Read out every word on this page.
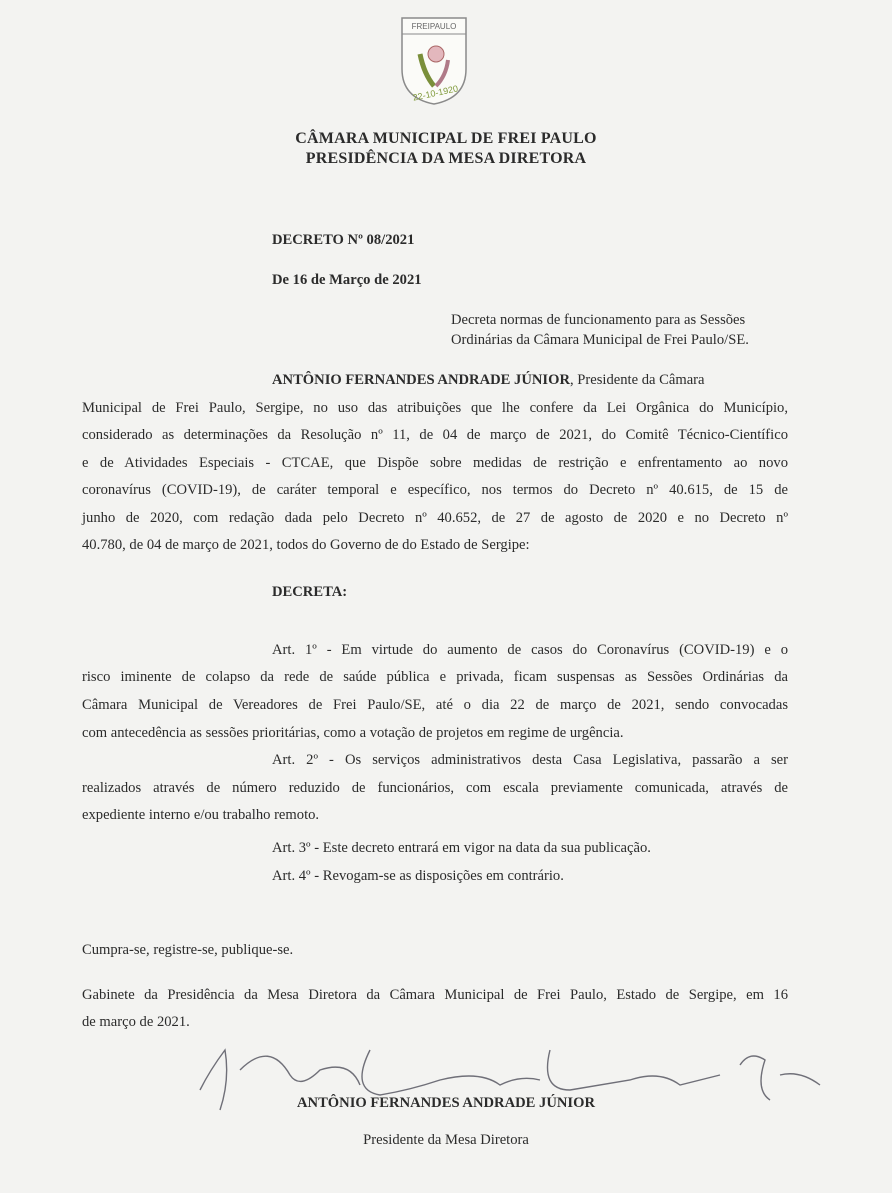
FREIPAULO
22-10-1920
CÂMARA MUNICIPAL DE FREI PAULO
PRESIDÊNCIA DA MESA DIRETORA
DECRETO Nº 08/2021
De 16 de Março de 2021
Decreta normas de funcionamento para as Sessões
Ordinárias da Câmara Municipal de Frei Paulo/SE.
ANTÔNIO FERNANDES ANDRADE JÚNIOR, Presidente da Câmara
Municipal de Frei Paulo, Sergipe, no uso das atribuições que lhe confere da Lei Orgânica do Município,
considerado as determinações da Resolução nº 11, de 04 de março de 2021, do Comitê Técnico-Científico
e de Atividades Especiais - CTCAE, que Dispõe sobre medidas de restrição e enfrentamento ao novo
coronavírus (COVID-19), de caráter temporal e específico, nos termos do Decreto nº 40.615, de 15 de
junho de 2020, com redação dada pelo Decreto nº 40.652, de 27 de agosto de 2020 e no Decreto nº
40.780, de 04 de março de 2021, todos do Governo de do Estado de Sergipe:
DECRETA:
Art. 1º - Em virtude do aumento de casos do Coronavírus (COVID-19) e o
risco iminente de colapso da rede de saúde pública e privada, ficam suspensas as Sessões Ordinárias da
Câmara Municipal de Vereadores de Frei Paulo/SE, até o dia 22 de março de 2021, sendo convocadas
com antecedência as sessões prioritárias, como a votação de projetos em regime de urgência.
Art. 2º - Os serviços administrativos desta Casa Legislativa, passarão a ser
realizados através de número reduzido de funcionários, com escala previamente comunicada, através de
expediente interno e/ou trabalho remoto.
Art. 3º - Este decreto entrará em vigor na data da sua publicação.
Art. 4º - Revogam-se as disposições em contrário.
Cumpra-se, registre-se, publique-se.
Gabinete da Presidência da Mesa Diretora da Câmara Municipal de Frei Paulo, Estado de Sergipe, em 16
de março de 2021.
ANTÔNIO FERNANDES ANDRADE JÚNIOR
Presidente da Mesa Diretora
